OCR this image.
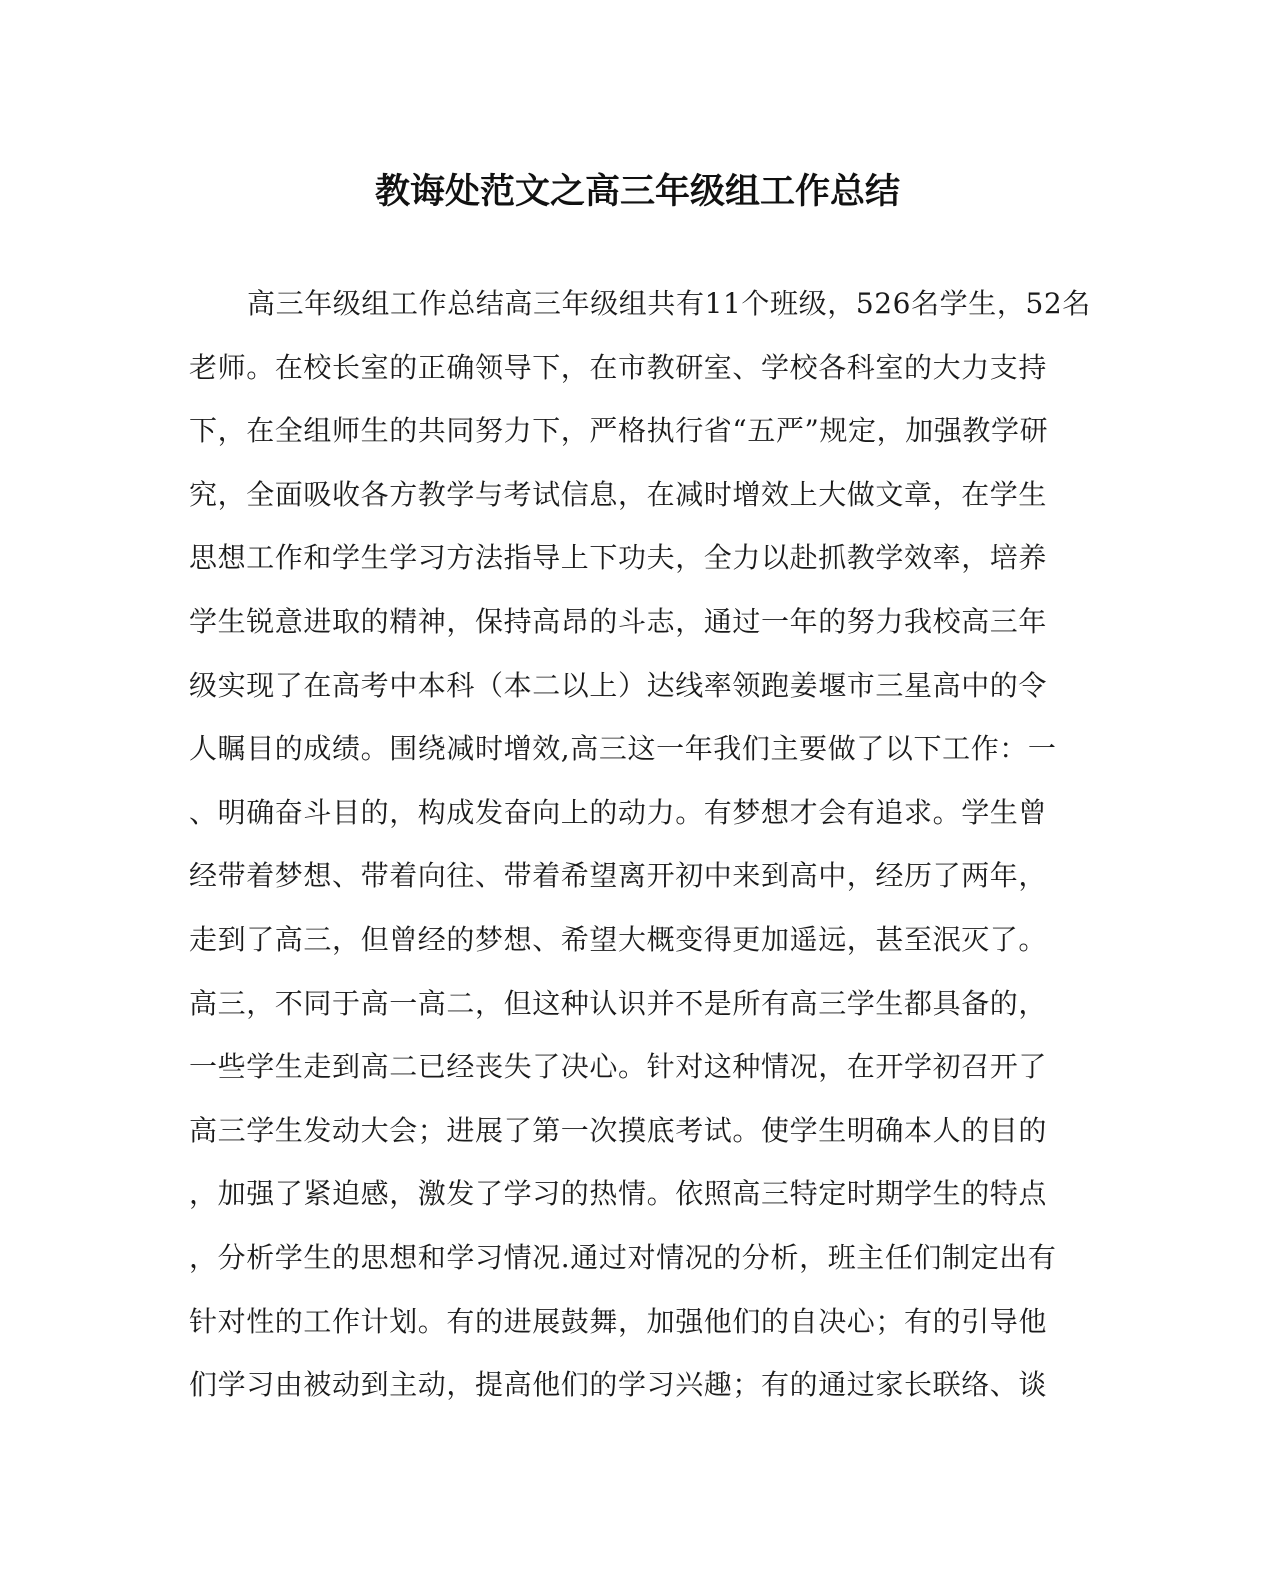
教诲处范文之高三年级组工作总结
高三年级组工作总结高三年级组共有11个班级，526名学生，52名
老师。在校长室的正确领导下，在市教研室、学校各科室的大力支持
下，在全组师生的共同努力下，严格执行省“五严”规定，加强教学研
究，全面吸收各方教学与考试信息，在减时增效上大做文章，在学生
思想工作和学生学习方法指导上下功夫，全力以赴抓教学效率，培养
学生锐意进取的精神，保持高昂的斗志，通过一年的努力我校高三年
级实现了在高考中本科（本二以上）达线率领跑姜堰市三星高中的令
人瞩目的成绩。围绕减时增效,高三这一年我们主要做了以下工作：一
、明确奋斗目的，构成发奋向上的动力。有梦想才会有追求。学生曾
经带着梦想、带着向往、带着希望离开初中来到高中，经历了两年，
走到了高三，但曾经的梦想、希望大概变得更加遥远，甚至泯灭了。
高三，不同于高一高二，但这种认识并不是所有高三学生都具备的，
一些学生走到高二已经丧失了决心。针对这种情况，在开学初召开了
高三学生发动大会；进展了第一次摸底考试。使学生明确本人的目的
，加强了紧迫感，激发了学习的热情。依照高三特定时期学生的特点
，分析学生的思想和学习情况.通过对情况的分析，班主任们制定出有
针对性的工作计划。有的进展鼓舞，加强他们的自决心；有的引导他
们学习由被动到主动，提高他们的学习兴趣；有的通过家长联络、谈
